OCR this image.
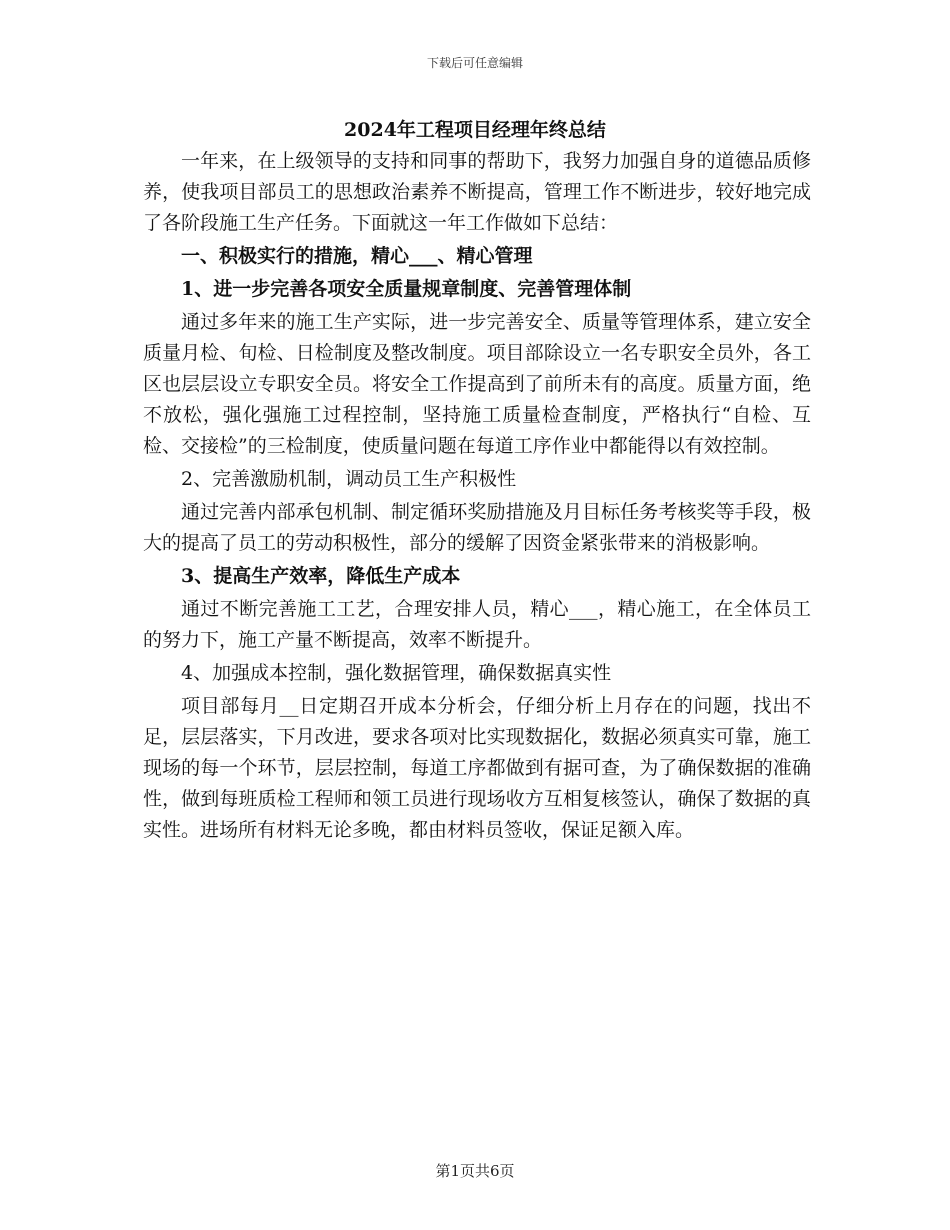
下载后可任意编辑
2024年工程项目经理年终总结

一年来，在上级领导的支持和同事的帮助下，我努力加强自身的道德品质修养，使我项目部员工的思想政治素养不断提高，管理工作不断进步，较好地完成了各阶段施工生产任务。下面就这一年工作做如下总结：

一、积极实行的措施，精心___、精心管理

1、进一步完善各项安全质量规章制度、完善管理体制

通过多年来的施工生产实际，进一步完善安全、质量等管理体系，建立安全质量月检、旬检、日检制度及整改制度。项目部除设立一名专职安全员外，各工区也层层设立专职安全员。将安全工作提高到了前所未有的高度。质量方面，绝不放松，强化强施工过程控制，坚持施工质量检查制度，严格执行“自检、互检、交接检”的三检制度，使质量问题在每道工序作业中都能得以有效控制。

2、完善激励机制，调动员工生产积极性

通过完善内部承包机制、制定循环奖励措施及月目标任务考核奖等手段，极大的提高了员工的劳动积极性，部分的缓解了因资金紧张带来的消极影响。

3、提高生产效率，降低生产成本

通过不断完善施工工艺，合理安排人员，精心___，精心施工，在全体员工的努力下，施工产量不断提高，效率不断提升。

4、加强成本控制，强化数据管理，确保数据真实性

项目部每月__日定期召开成本分析会，仔细分析上月存在的问题，找出不足，层层落实，下月改进，要求各项对比实现数据化，数据必须真实可靠，施工现场的每一个环节，层层控制，每道工序都做到有据可查，为了确保数据的准确性，做到每班质检工程师和领工员进行现场收方互相复核签认，确保了数据的真实性。进场所有材料无论多晚，都由材料员签收，保证足额入库。

第1页共6页
